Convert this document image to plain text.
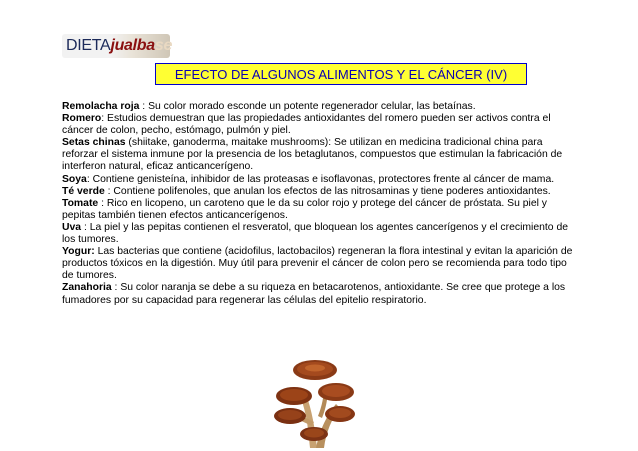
DIETA jualba se
EFECTO DE ALGUNOS ALIMENTOS Y EL CÁNCER (IV)

Remolacha roja : Su color morado esconde un potente regenerador celular, las betaínas.

Romero: Estudios demuestran que las propiedades antioxidantes del romero pueden ser activos contra el cáncer de colon, pecho, estómago, pulmón y piel.

Setas chinas (shiitake, ganoderma, maitake mushrooms): Se utilizan en medicina tradicional china para reforzar el sistema inmune por la presencia de los betaglutanos, compuestos que estimulan la fabricación de interferon natural, eficaz anticancerígeno.

Soya: Contiene genisteína, inhibidor de las proteasas e isoflavonas, protectores frente al cáncer de mama.

Té verde : Contiene polifenoles, que anulan los efectos de las nitrosaminas y tiene poderes antioxidantes.

Tomate : Rico en licopeno, un caroteno que le da su color rojo y protege del cáncer de próstata. Su piel y pepitas también tienen efectos anticancerígenos.

Uva : La piel y las pepitas contienen el resveratol, que bloquean los agentes cancerígenos y el crecimiento de los tumores.

Yogur: Las bacterias que contiene (acidofilus, lactobacilos) regeneran la flora intestinal y evitan la aparición de productos tóxicos en la digestión. Muy útil para prevenir el cáncer de colon pero se recomienda para todo tipo de tumores.

Zanahoria : Su color naranja se debe a su riqueza en betacarotenos, antioxidante. Se cree que protege a los fumadores por su capacidad para regenerar las células del epitelio respiratorio.
